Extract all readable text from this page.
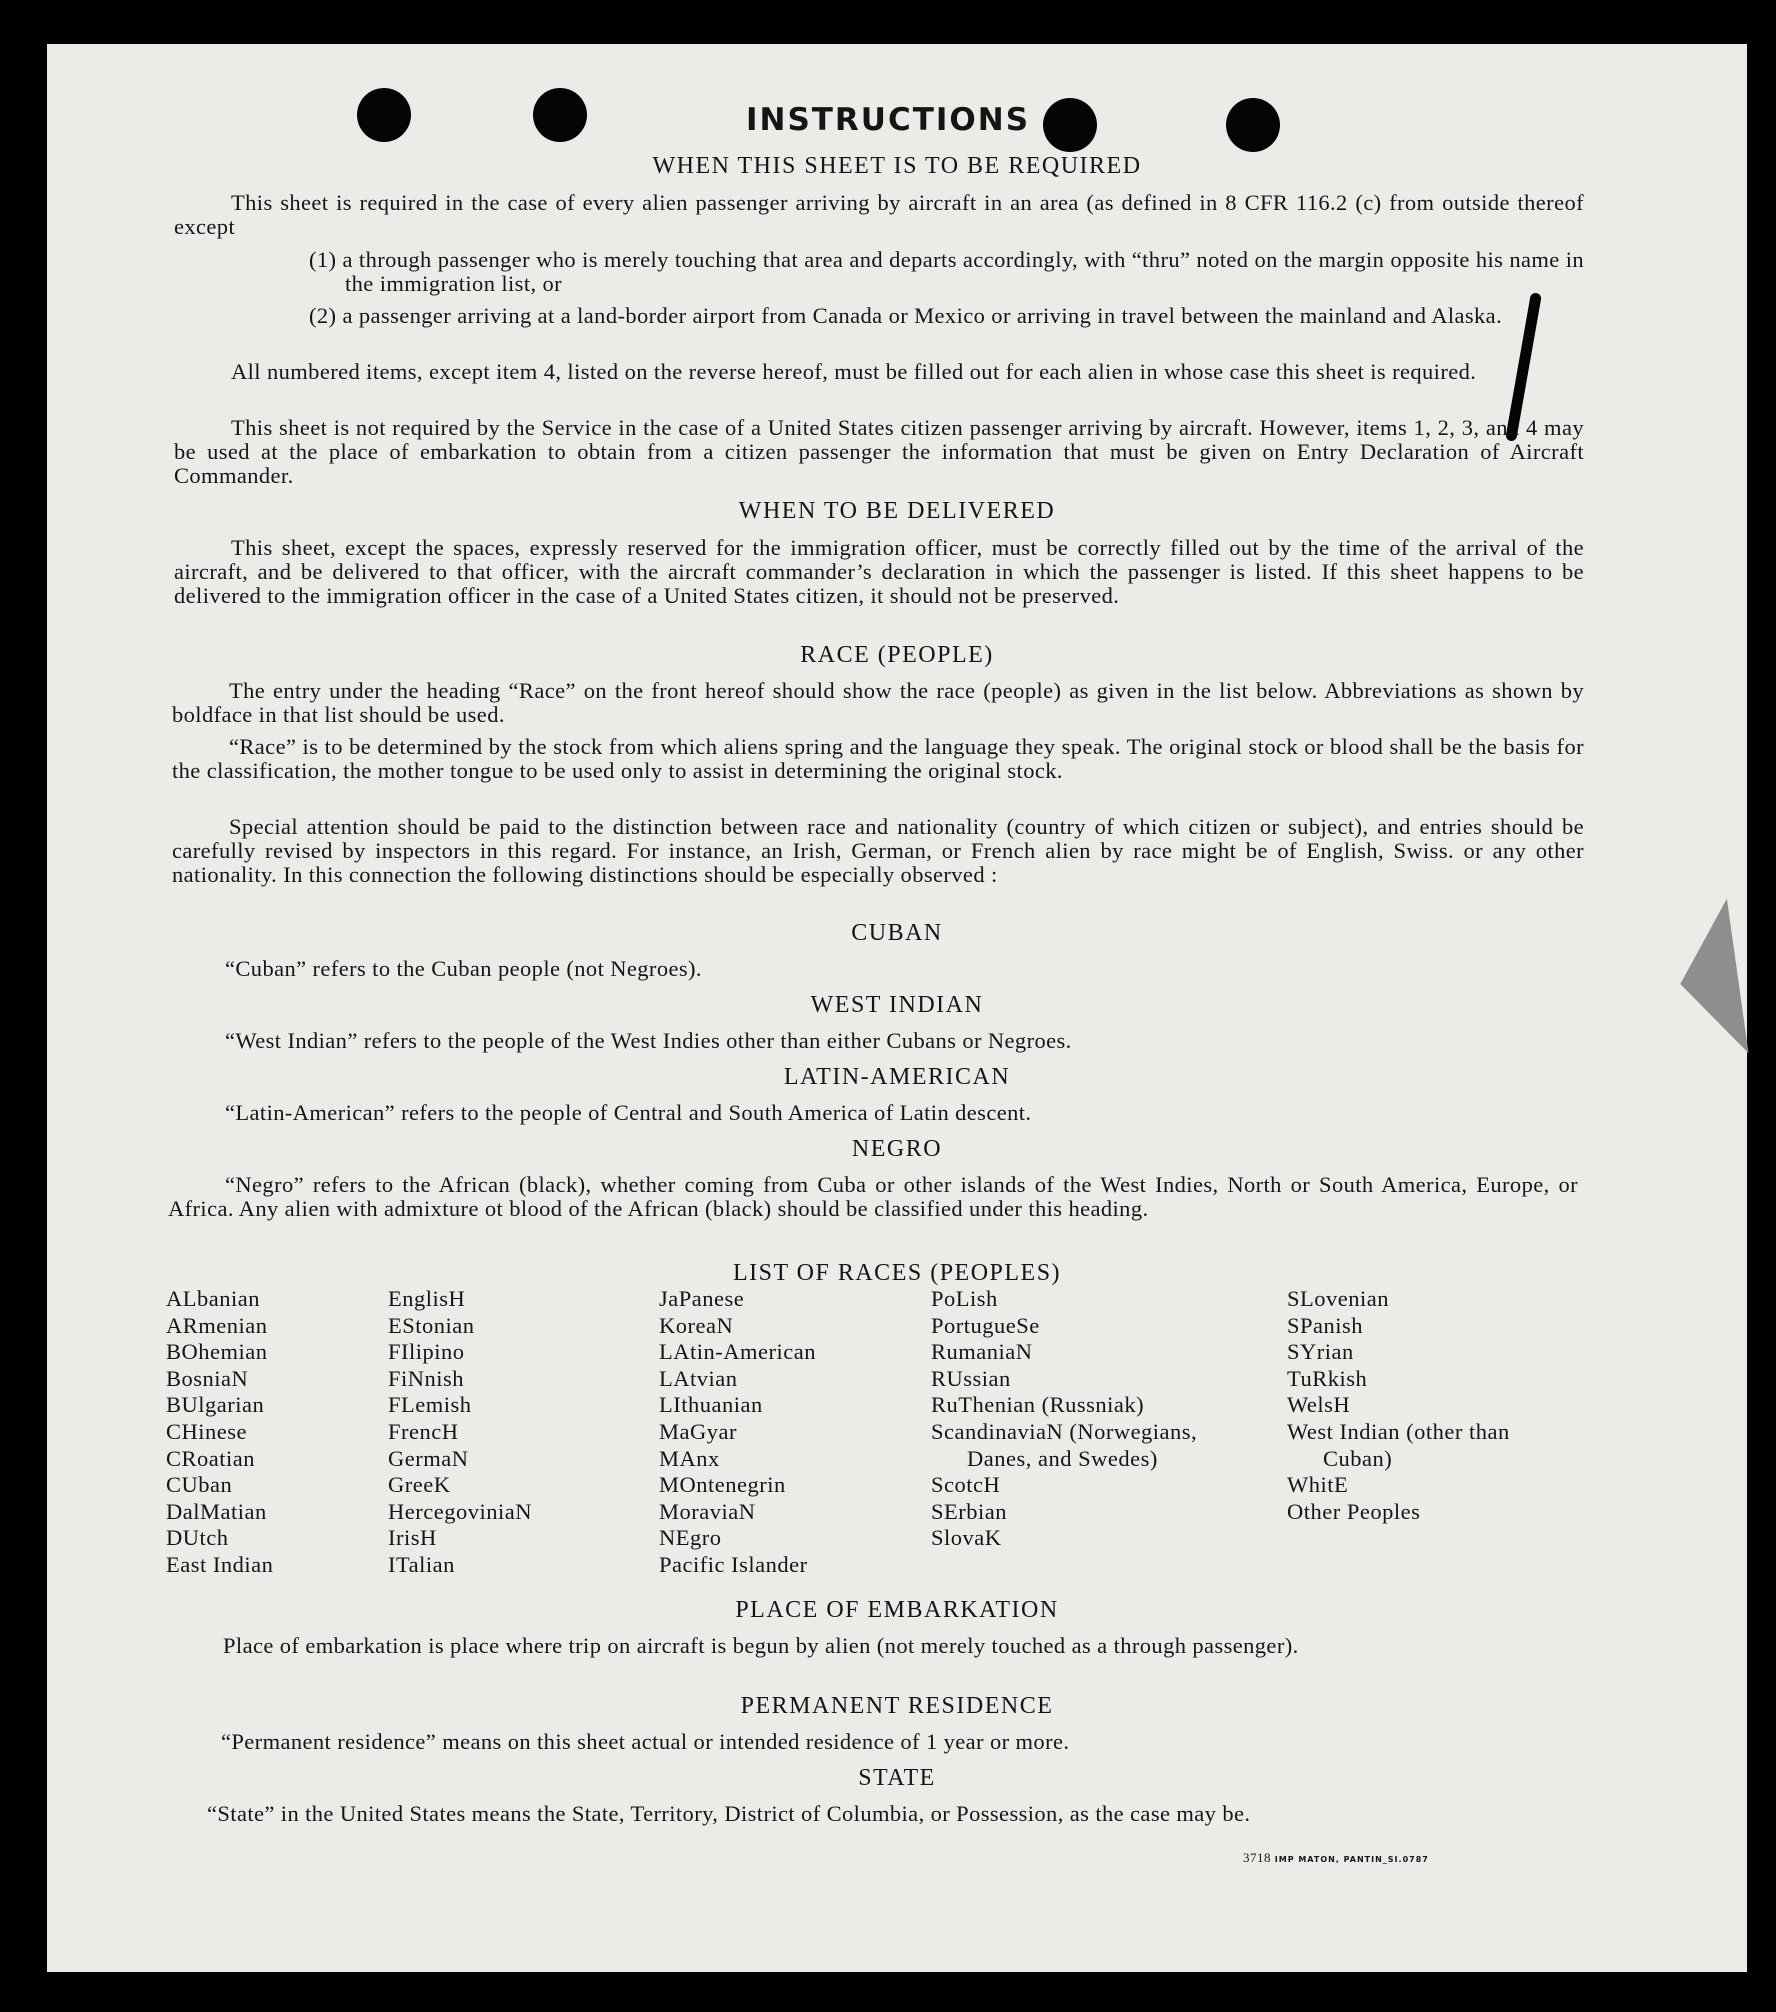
INSTRUCTIONS
WHEN THIS SHEET IS TO BE REQUIRED
This sheet is required in the case of every alien passenger arriving by aircraft in an area (as defined in 8 CFR 116.2 (c) from outside thereof except
(1) a through passenger who is merely touching that area and departs accordingly, with “thru” noted on the margin opposite his name in the immigration list, or
(2) a passenger arriving at a land-border airport from Canada or Mexico or arriving in travel between the mainland and Alaska.
All numbered items, except item 4, listed on the reverse hereof, must be filled out for each alien in whose case this sheet is required.
This sheet is not required by the Service in the case of a United States citizen passenger arriving by aircraft. However, items 1, 2, 3, and 4 may be used at the place of embarkation to obtain from a citizen passenger the information that must be given on Entry Declaration of Aircraft Commander.
WHEN TO BE DELIVERED
This sheet, except the spaces, expressly reserved for the immigration officer, must be correctly filled out by the time of the arrival of the aircraft, and be delivered to that officer, with the aircraft commander’s declaration in which the passenger is listed. If this sheet happens to be delivered to the immigration officer in the case of a United States citizen, it should not be preserved.
RACE (PEOPLE)
The entry under the heading “Race” on the front hereof should show the race (people) as given in the list below. Abbreviations as shown by boldface in that list should be used.
“Race” is to be determined by the stock from which aliens spring and the language they speak. The original stock or blood shall be the basis for the classification, the mother tongue to be used only to assist in determining the original stock.
Special attention should be paid to the distinction between race and nationality (country of which citizen or subject), and entries should be carefully revised by inspectors in this regard. For instance, an Irish, German, or French alien by race might be of English, Swiss. or any other nationality. In this connection the following distinctions should be especially observed :
CUBAN
“Cuban” refers to the Cuban people (not Negroes).
WEST INDIAN
“West Indian” refers to the people of the West Indies other than either Cubans or Negroes.
LATIN-AMERICAN
“Latin-American” refers to the people of Central and South America of Latin descent.
NEGRO
“Negro” refers to the African (black), whether coming from Cuba or other islands of the West Indies, North or South America, Europe, or Africa. Any alien with admixture ot blood of the African (black) should be classified under this heading.
LIST OF RACES (PEOPLES)
ALbanian
ARmenian
BOhemian
BosniaN
BUlgarian
CHinese
CRoatian
CUban
DalMatian
DUtch
East Indian
EnglisH
EStonian
FIlipino
FiNnish
FLemish
FrencH
GermaN
GreeK
HercegoviniaN
IrisH
ITalian
JaPanese
KoreaN
LAtin-American
LAtvian
LIthuanian
MaGyar
MAnx
MOntenegrin
MoraviaN
NEgro
Pacific Islander
PoLish
PortugueSe
RumaniaN
RUssian
RuThenian (Russniak)
ScandinaviaN (Norwegians, Danes, and Swedes)
ScotcH
SErbian
SlovaK
SLovenian
SPanish
SYrian
TuRkish
WelsH
West Indian (other than Cuban)
WhitE
Other Peoples
PLACE OF EMBARKATION
Place of embarkation is place where trip on aircraft is begun by alien (not merely touched as a through passenger).
PERMANENT RESIDENCE
“Permanent residence” means on this sheet actual or intended residence of 1 year or more.
STATE
“State” in the United States means the State, Territory, District of Columbia, or Possession, as the case may be.
3718 IMP MATON, PANTIN_SI.0787
